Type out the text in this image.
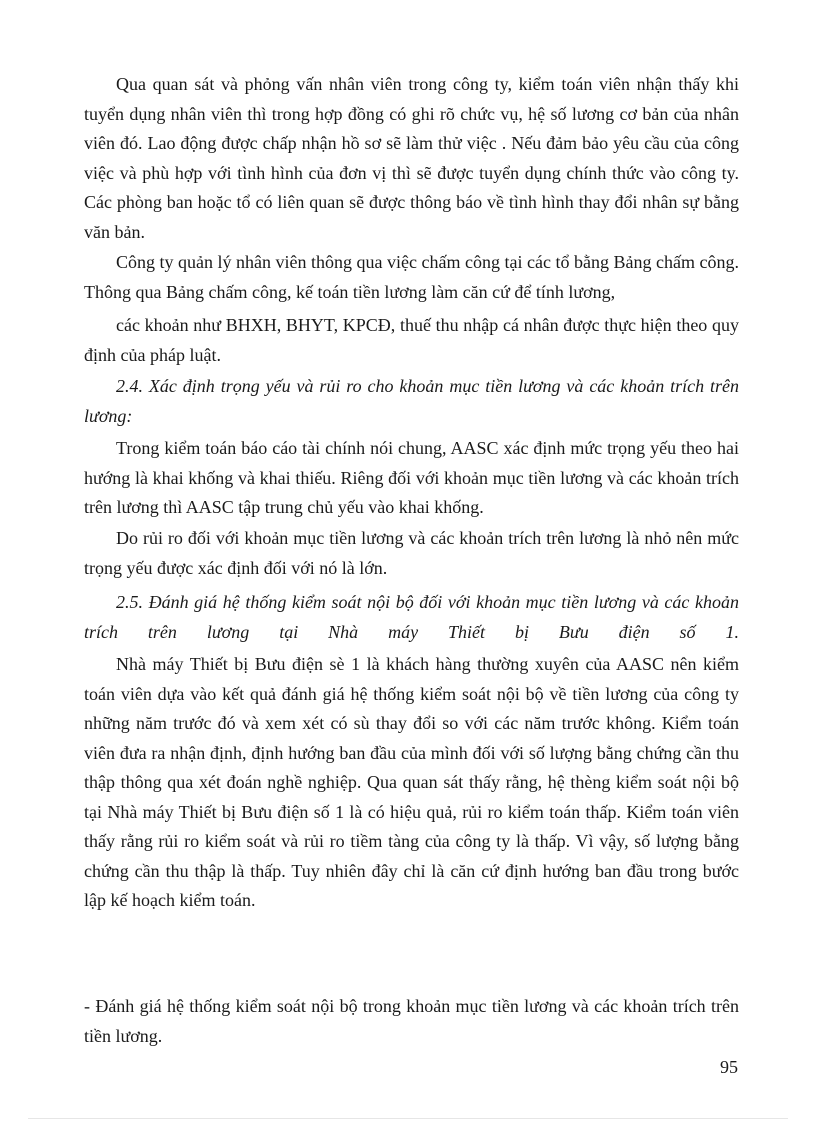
Qua quan sát và phỏng vấn nhân viên trong công ty, kiểm toán viên nhận thấy khi tuyển dụng nhân viên thì trong hợp đồng có ghi rõ chức vụ, hệ số lương cơ bản của nhân viên đó. Lao động được chấp nhận hồ sơ sẽ làm thử việc . Nếu đảm bảo yêu cầu của công việc và phù hợp với tình hình của đơn vị thì sẽ được tuyển dụng chính thức vào công ty. Các phòng ban hoặc tổ có liên quan sẽ được thông báo về tình hình thay đổi nhân sự bằng văn bản.

Công ty quản lý nhân viên thông qua việc chấm công tại các tổ bằng Bảng chấm công. Thông qua Bảng chấm công, kế toán tiền lương làm căn cứ để tính lương,

các khoản như BHXH, BHYT, KPCĐ, thuế thu nhập cá nhân được thực hiện theo quy định của pháp luật.

2.4. Xác định trọng yếu và rủi ro cho khoản mục tiền lương và các khoản trích trên lương:

Trong kiểm toán báo cáo tài chính nói chung, AASC xác định mức trọng yếu theo hai hướng là khai khống và khai thiếu. Riêng đối với khoản mục tiền lương và các khoản trích trên lương thì AASC tập trung chủ yếu vào khai khống.

Do rủi ro đối với khoản mục tiền lương và các khoản trích trên lương là nhỏ nên mức trọng yếu được xác định đối với nó là lớn.

2.5. Đánh giá hệ thống kiểm soát nội bộ đối với khoản mục tiền lương và các khoản trích trên lương tại Nhà máy Thiết bị Bưu điện số 1.

Nhà máy Thiết bị Bưu điện sè 1 là khách hàng thường xuyên của AASC nên kiểm toán viên dựa vào kết quả đánh giá hệ thống kiểm soát nội bộ về tiền lương của công ty những năm trước đó và xem xét có sù thay đổi so với các năm trước không. Kiểm toán viên đưa ra nhận định, định hướng ban đầu của mình đối với số lượng bằng chứng cần thu thập thông qua xét đoán nghề nghiệp. Qua quan sát thấy rằng, hệ thèng kiểm soát nội bộ tại Nhà máy Thiết bị Bưu điện số 1 là có hiệu quả, rủi ro kiểm toán thấp. Kiểm toán viên thấy rằng rủi ro kiểm soát và rủi ro tiềm tàng của công ty là thấp. Vì vậy, số lượng bằng chứng cần thu thập là thấp. Tuy nhiên đây chỉ là căn cứ định hướng ban đầu trong bước lập kế hoạch kiểm toán.

- Đánh giá hệ thống kiểm soát nội bộ trong khoản mục tiền lương và các khoản trích trên tiền lương.

95
